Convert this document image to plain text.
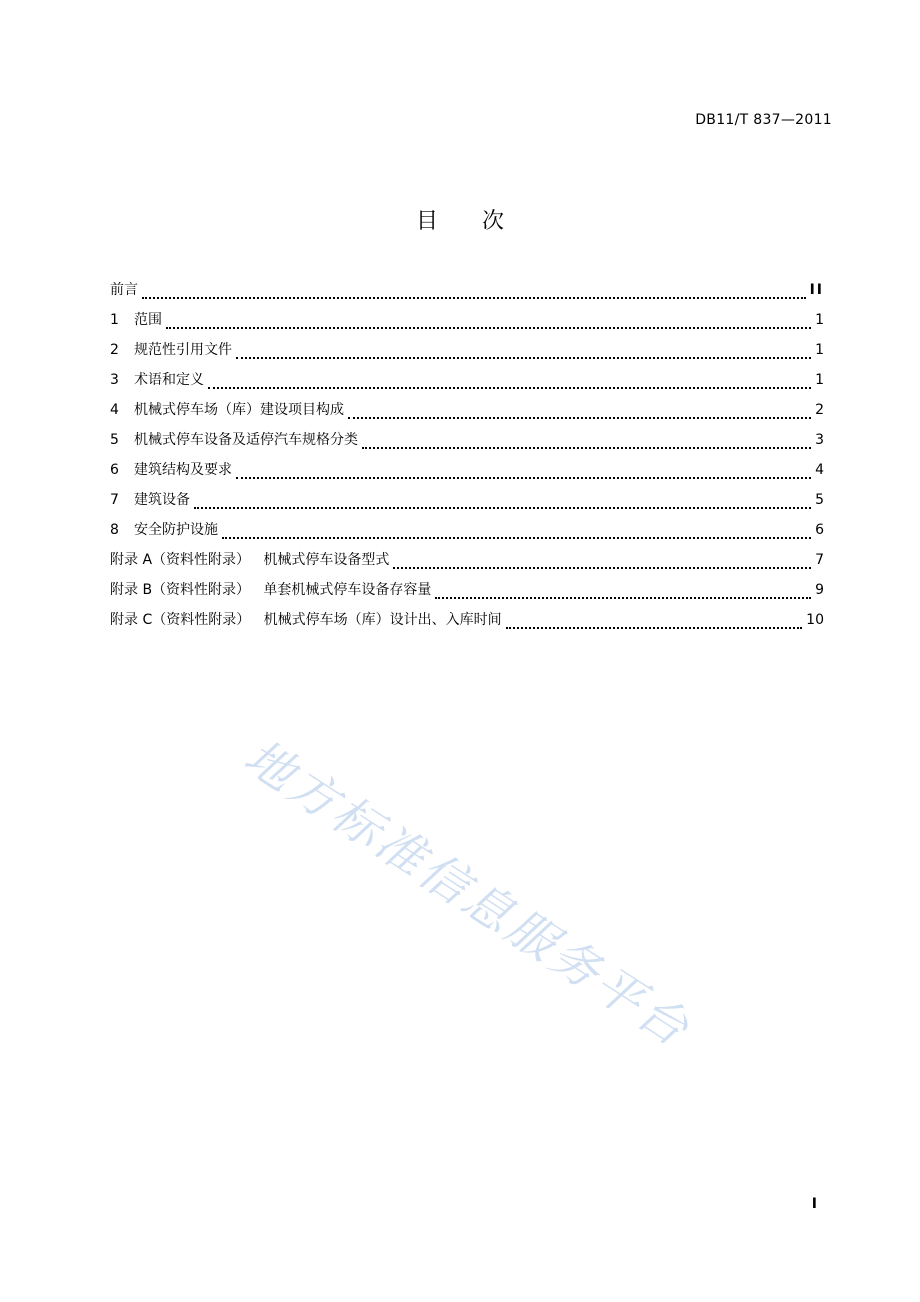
DB11/T 837—2011
目 次
前言	II
1	范围	1
2	规范性引用文件	1
3	术语和定义	1
4	机械式停车场（库）建设项目构成	2
5	机械式停车设备及适停汽车规格分类	3
6	建筑结构及要求	4
7	建筑设备	5
8	安全防护设施	6
附录 A（资料性附录） 机械式停车设备型式	7
附录 B（资料性附录） 单套机械式停车设备存容量	9
附录 C（资料性附录） 机械式停车场（库）设计出、入库时间	10
地方标准信息服务平台
I
